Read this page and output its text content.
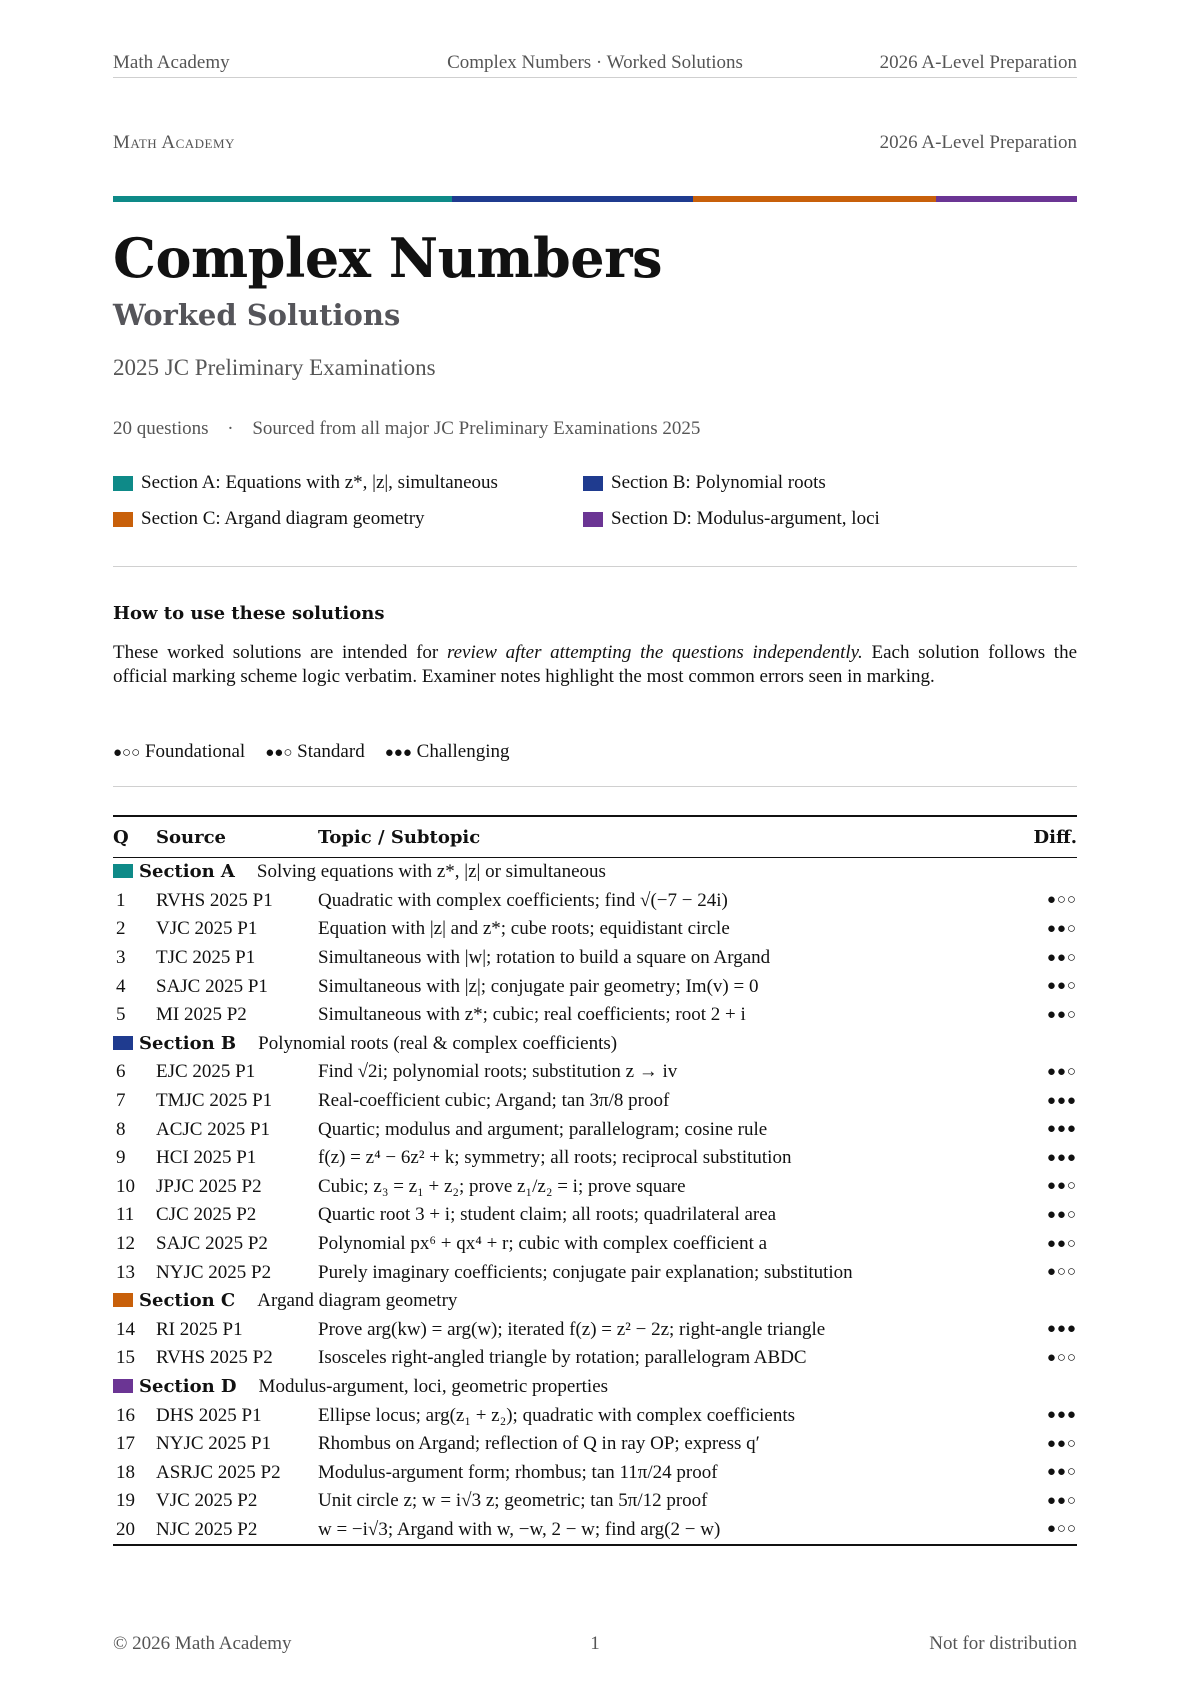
Math Academy	Complex Numbers · Worked Solutions	2026 A-Level Preparation
Math Academy	2026 A-Level Preparation
Complex Numbers
Worked Solutions
2025 JC Preliminary Examinations
20 questions · Sourced from all major JC Preliminary Examinations 2025
Section A: Equations with z*, |z|, simultaneous	Section B: Polynomial roots
Section C: Argand diagram geometry	Section D: Modulus-argument, loci
How to use these solutions
These worked solutions are intended for review after attempting the questions independently. Each solution follows the official marking scheme logic verbatim. Examiner notes highlight the most common errors seen in marking.
●○○ Foundational ●●○ Standard ●●● Challenging
Q	Source	Topic / Subtopic	Diff.
Section A Solving equations with z*, |z| or simultaneous			
1	RVHS 2025 P1	Quadratic with complex coefficients; find √(−7 − 24i)	●○○
2	VJC 2025 P1	Equation with |z| and z*; cube roots; equidistant circle	●●○
3	TJC 2025 P1	Simultaneous with |w|; rotation to build a square on Argand	●●○
4	SAJC 2025 P1	Simultaneous with |z|; conjugate pair geometry; Im(v) = 0	●●○
5	MI 2025 P2	Simultaneous with z*; cubic; real coefficients; root 2 + i	●●○
Section B Polynomial roots (real & complex coefficients)			
6	EJC 2025 P1	Find √2i; polynomial roots; substitution z → iv	●●○
7	TMJC 2025 P1	Real-coefficient cubic; Argand; tan 3π/8 proof	●●●
8	ACJC 2025 P1	Quartic; modulus and argument; parallelogram; cosine rule	●●●
9	HCI 2025 P1	f(z) = z⁴ − 6z² + k; symmetry; all roots; reciprocal substitution	●●●
10	JPJC 2025 P2	Cubic; z₃ = z₁ + z₂; prove z₁/z₂ = i; prove square	●●○
11	CJC 2025 P2	Quartic root 3 + i; student claim; all roots; quadrilateral area	●●○
12	SAJC 2025 P2	Polynomial px⁶ + qx⁴ + r; cubic with complex coefficient a	●●○
13	NYJC 2025 P2	Purely imaginary coefficients; conjugate pair explanation; substitution	●○○
Section C Argand diagram geometry			
14	RI 2025 P1	Prove arg(kw) = arg(w); iterated f(z) = z² − 2z; right-angle triangle	●●●
15	RVHS 2025 P2	Isosceles right-angled triangle by rotation; parallelogram ABDC	●○○
Section D Modulus-argument, loci, geometric properties			
16	DHS 2025 P1	Ellipse locus; arg(z₁ + z₂); quadratic with complex coefficients	●●●
17	NYJC 2025 P1	Rhombus on Argand; reflection of Q in ray OP; express q′	●●○
18	ASRJC 2025 P2	Modulus-argument form; rhombus; tan 11π/24 proof	●●○
19	VJC 2025 P2	Unit circle z; w = i√3 z; geometric; tan 5π/12 proof	●●○
20	NJC 2025 P2	w = −i√3; Argand with w, −w, 2 − w; find arg(2 − w)	●○○
© 2026 Math Academy	1	Not for distribution
